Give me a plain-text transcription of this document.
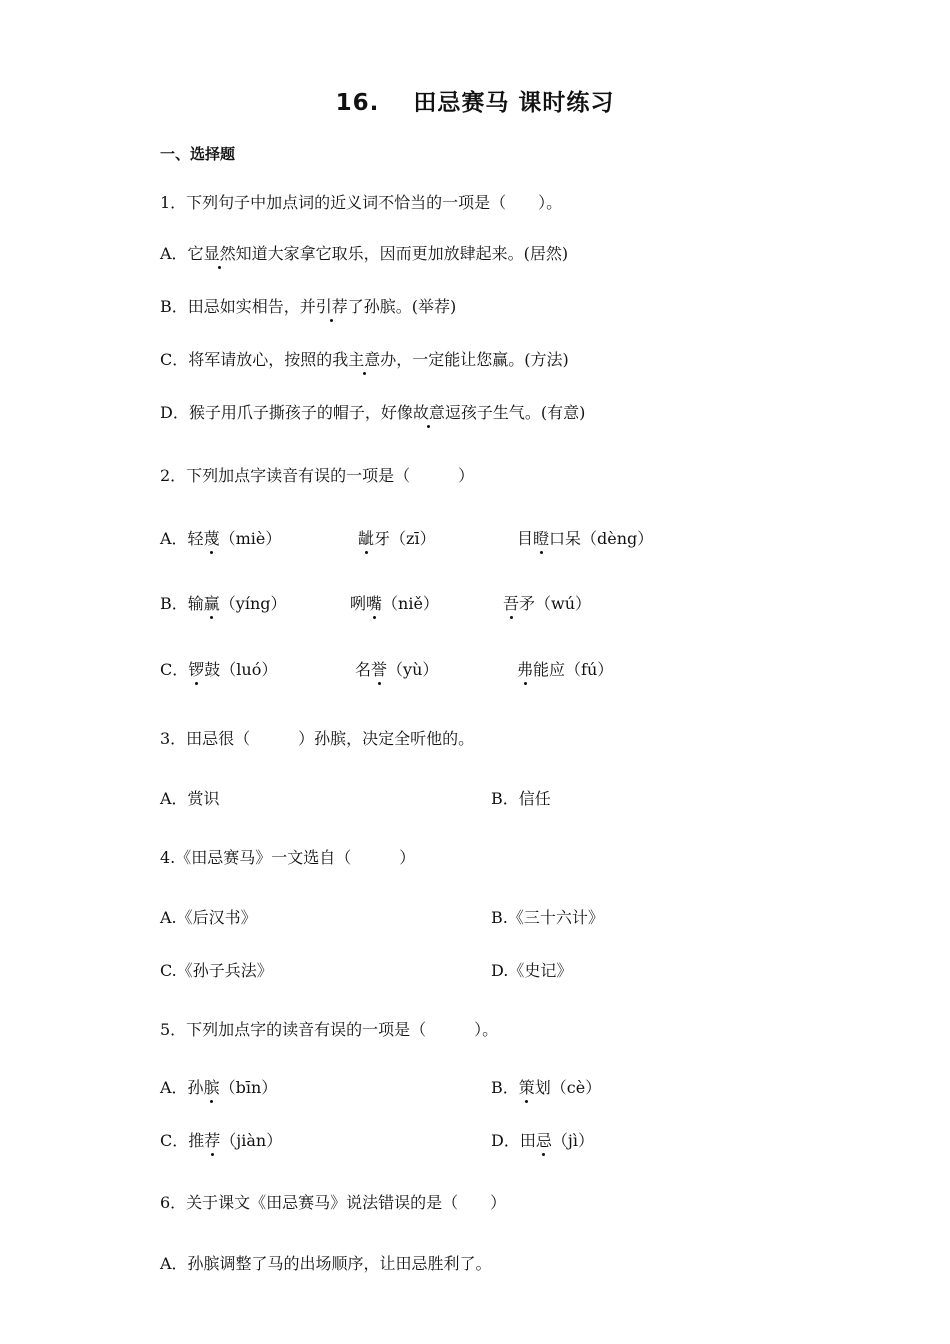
16. 田忌赛马 课时练习
一、选择题
1．下列句子中加点词的近义词不恰当的一项是（　　）。
A．它显然知道大家拿它取乐，因而更加放肆起来。(居然)
B．田忌如实相告，并引荐了孙膑。(举荐)
C．将军请放心，按照的我主意办，一定能让您赢。(方法)
D．猴子用爪子撕孩子的帽子，好像故意逗孩子生气。(有意)
2．下列加点字读音有误的一项是（　　　）
A．轻蔑（miè）	龇牙（zī）	目瞪口呆（dèng）
B．输赢（yíng）	咧嘴（niě）	吾矛（wú）
C．锣鼓（luó）	名誉（yù）	弗能应（fú）
3．田忌很（　　　）孙膑，决定全听他的。
A．赏识	B．信任
4.《田忌赛马》一文选自（　　　）
A.《后汉书》	B.《三十六计》
C.《孙子兵法》	D.《史记》
5．下列加点字的读音有误的一项是（　　　）。
A．孙膑（bīn）	B．策划（cè）
C．推荐（jiàn）	D．田忌（jì）
6．关于课文《田忌赛马》说法错误的是（　　）
A．孙膑调整了马的出场顺序，让田忌胜利了。
